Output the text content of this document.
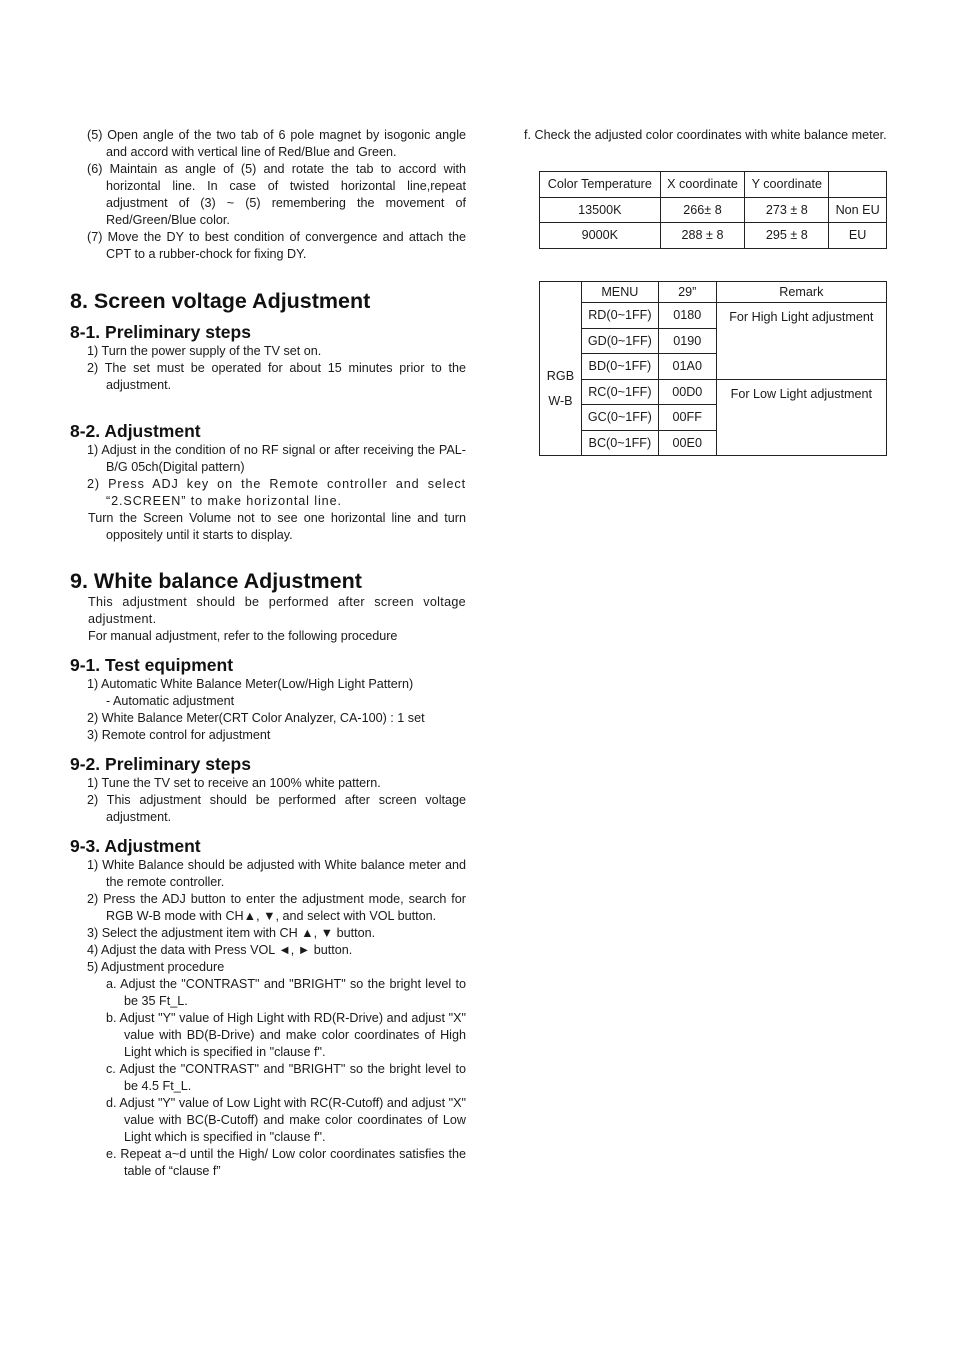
(5) Open angle of the two tab of 6 pole magnet by isogonic angle and accord with vertical line of Red/Blue and Green.
(6) Maintain as angle of (5) and rotate the tab to accord with horizontal line. In case of twisted horizontal line,repeat adjustment of (3) ~ (5) remembering the movement of Red/Green/Blue color.
(7) Move the DY to best condition of convergence and attach the CPT to a rubber-chock for fixing DY.
8. Screen voltage Adjustment
8-1. Preliminary steps
1) Turn the power supply of the TV set on.
2) The set must be operated for about 15 minutes prior to the adjustment.
8-2. Adjustment
1) Adjust in the condition of no RF signal or after receiving the PAL-B/G 05ch(Digital pattern)
2) Press ADJ key on the Remote controller and select “2.SCREEN” to make horizontal line.
Turn the Screen Volume not to see one horizontal line and turn oppositely until it starts to display.
9. White balance Adjustment
This adjustment should be performed after screen voltage adjustment.
For manual adjustment, refer to the following procedure
9-1. Test equipment
1) Automatic White Balance Meter(Low/High Light Pattern)
- Automatic adjustment
2) White Balance Meter(CRT Color Analyzer, CA-100) : 1 set
3) Remote control for adjustment
9-2. Preliminary steps
1) Tune the TV set to receive an 100% white pattern.
2) This adjustment should be performed after screen voltage adjustment.
9-3. Adjustment
1) White Balance should be adjusted with White balance meter and the remote controller.
2) Press the ADJ button to enter the adjustment mode, search for RGB W-B mode with CH▲, ▼, and select with VOL button.
3) Select the adjustment item with CH ▲, ▼ button.
4) Adjust the data with Press VOL ◄, ► button.
5) Adjustment procedure
a. Adjust the "CONTRAST" and "BRIGHT" so the bright level to be 35 Ft_L.
b. Adjust "Y" value of High Light with RD(R-Drive) and adjust "X" value with BD(B-Drive) and make color coordinates of High Light which is specified in "clause f".
c. Adjust the "CONTRAST" and "BRIGHT" so the bright level to be 4.5 Ft_L.
d. Adjust "Y" value of Low Light with RC(R-Cutoff) and adjust "X" value with BC(B-Cutoff) and make color coordinates of Low Light which is specified in "clause f".
e. Repeat a~d until the High/ Low color coordinates satisfies the table of “clause f”
f. Check the adjusted color coordinates with white balance meter.
Color Temperature	X coordinate	Y coordinate	
13500K	266± 8	273 ± 8	Non EU
9000K	288 ± 8	295 ± 8	EU
RGB
W-B	MENU	29”	Remark
	RD(0~1FF)	0180	For High Light adjustment
	GD(0~1FF)	0190	
	BD(0~1FF)	01A0	
	RC(0~1FF)	00D0	For Low Light adjustment
	GC(0~1FF)	00FF	
	BC(0~1FF)	00E0	
